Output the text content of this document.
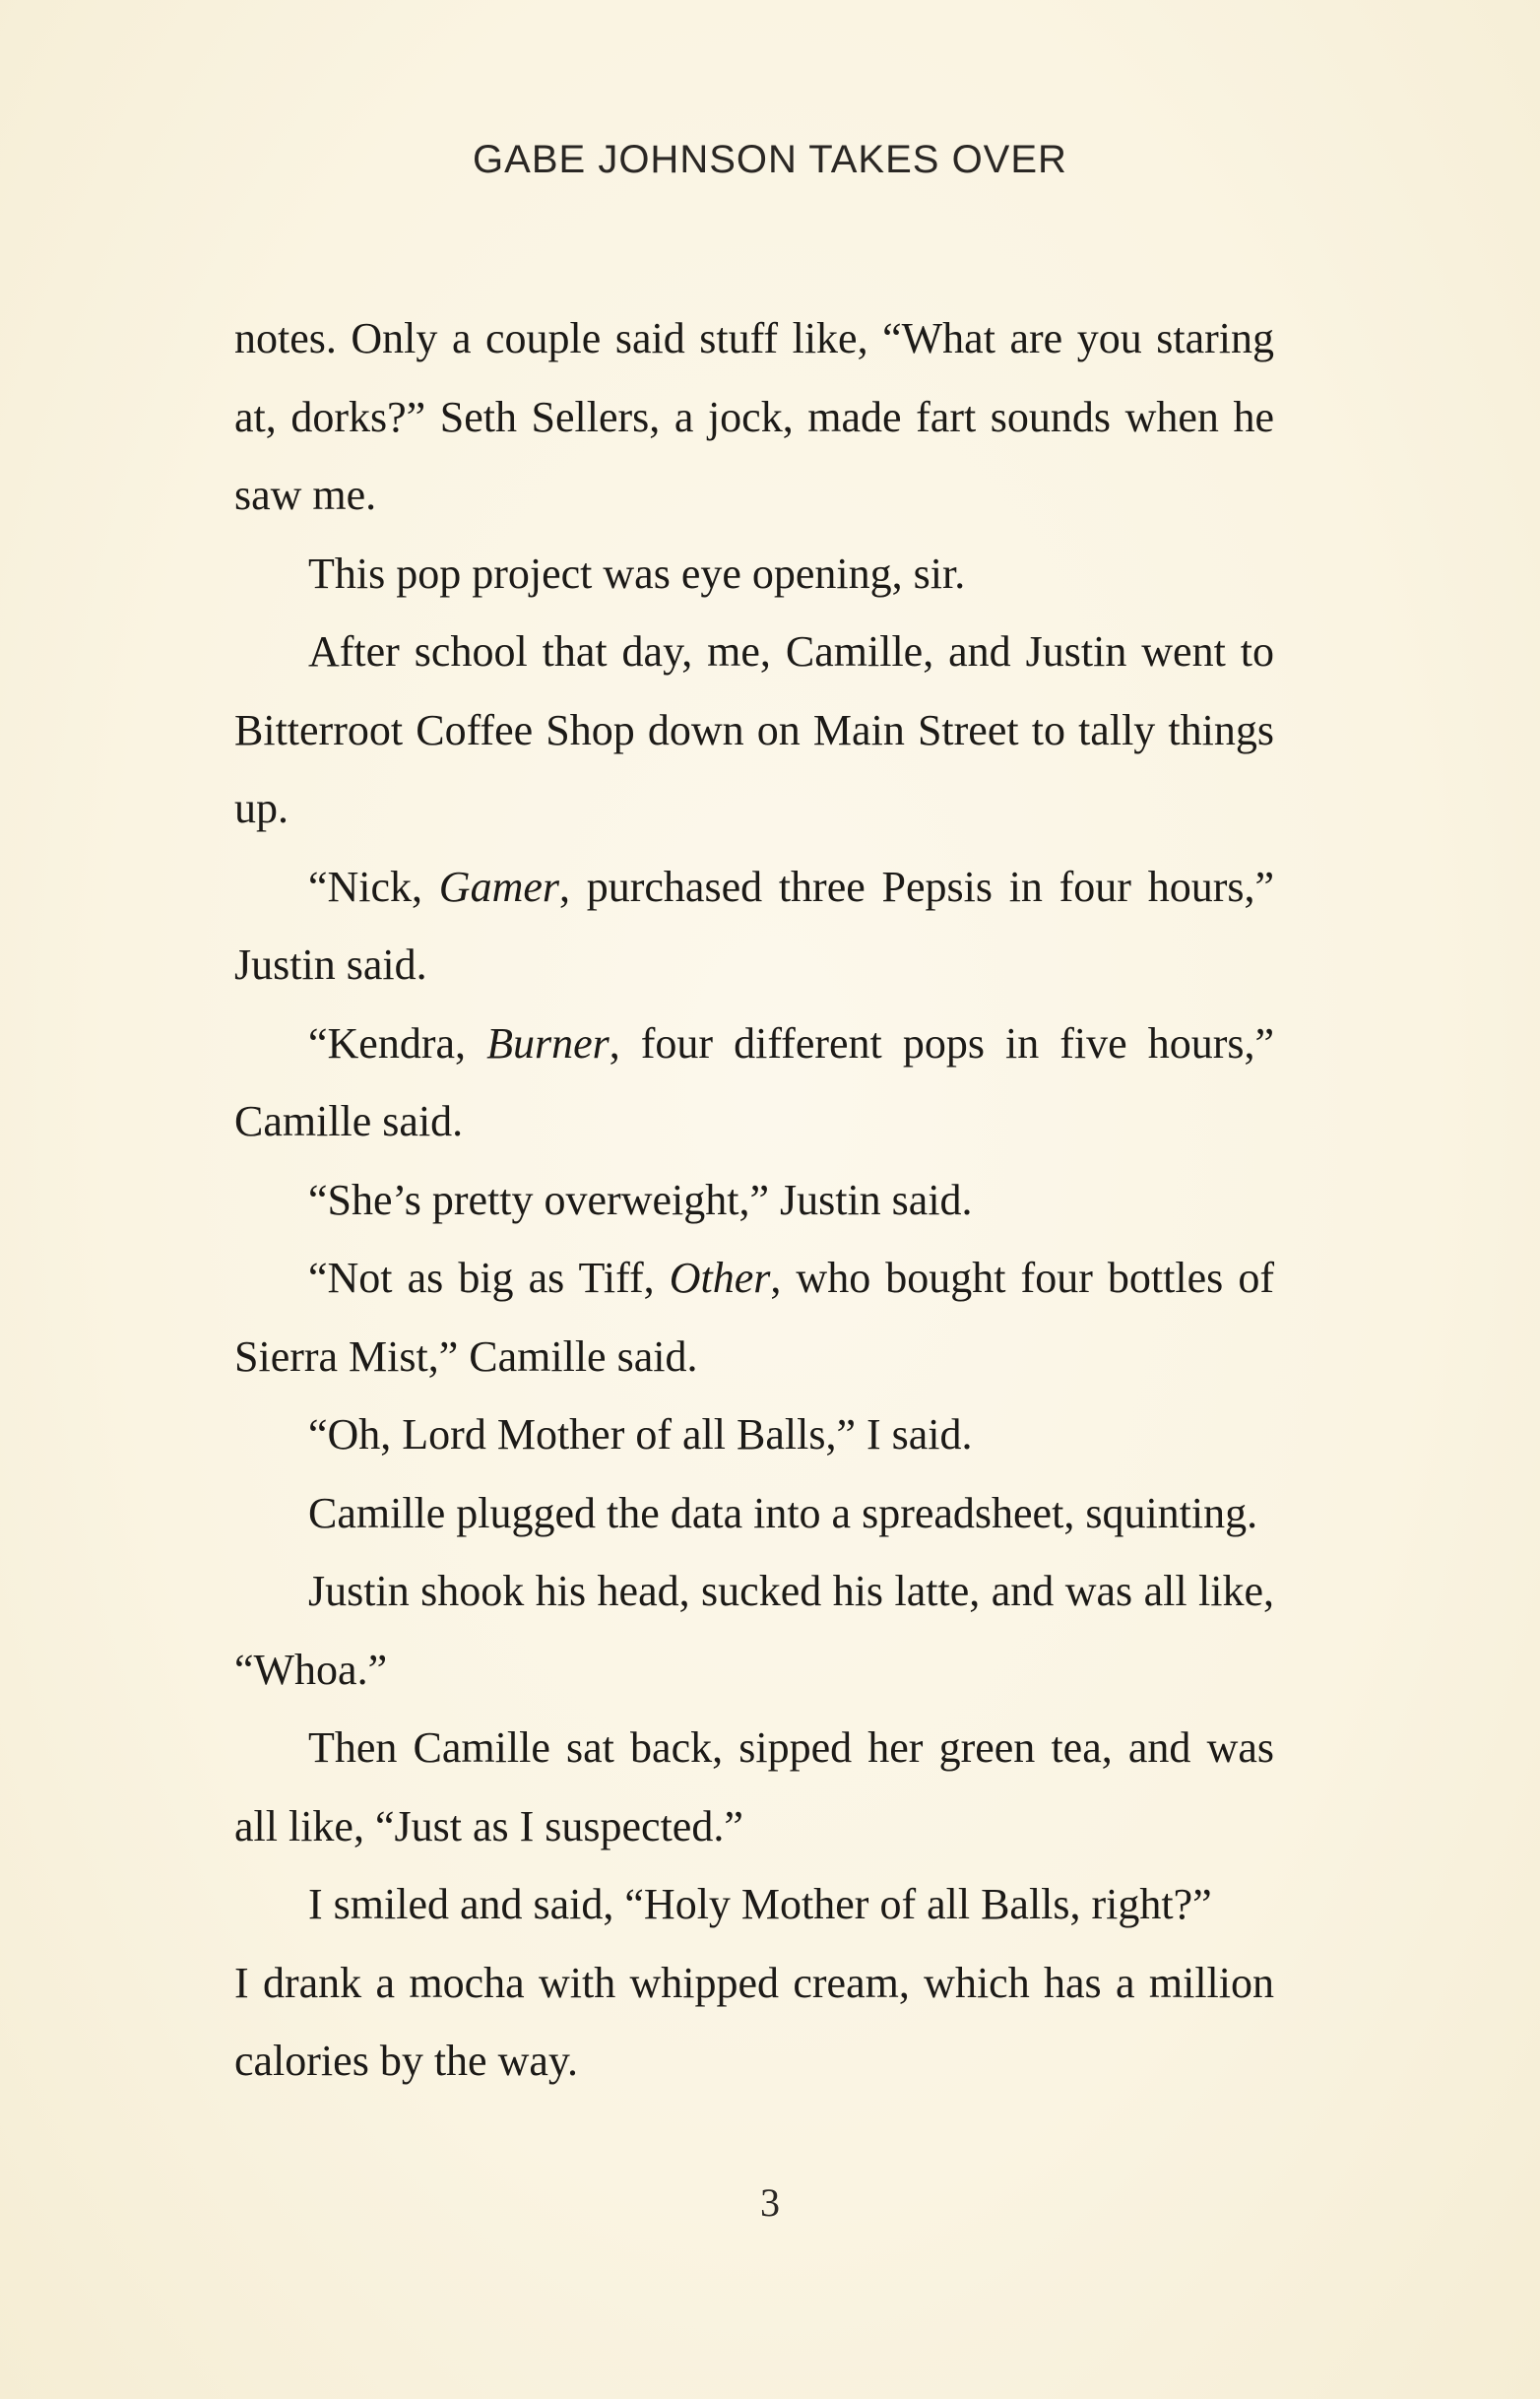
GABE JOHNSON TAKES OVER

notes. Only a couple said stuff like, “What are you staring at, dorks?” Seth Sellers, a jock, made fart sounds when he saw me.

This pop project was eye opening, sir.

After school that day, me, Camille, and Justin went to Bitterroot Coffee Shop down on Main Street to tally things up.

“Nick, Gamer, purchased three Pepsis in four hours,” Justin said.

“Kendra, Burner, four different pops in five hours,” Camille said.

“She’s pretty overweight,” Justin said.

“Not as big as Tiff, Other, who bought four bottles of Sierra Mist,” Camille said.

“Oh, Lord Mother of all Balls,” I said.

Camille plugged the data into a spreadsheet, squinting.

Justin shook his head, sucked his latte, and was all like, “Whoa.”

Then Camille sat back, sipped her green tea, and was all like, “Just as I suspected.”

I smiled and said, “Holy Mother of all Balls, right?”

I drank a mocha with whipped cream, which has a million calories by the way.

3
